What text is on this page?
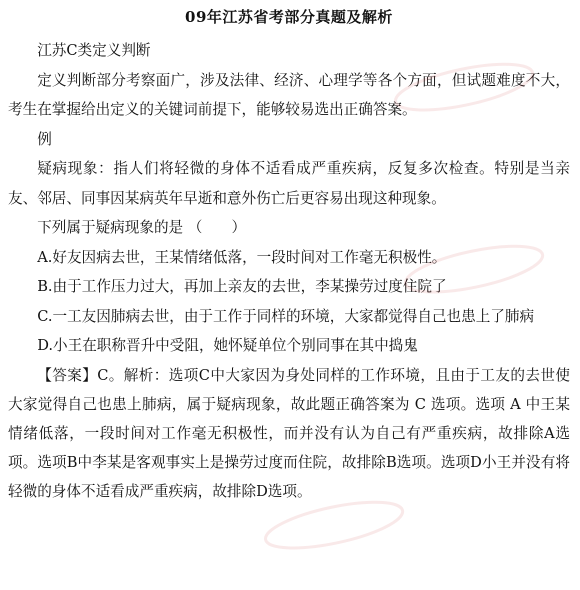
09年江苏省考部分真题及解析

江苏C类定义判断

定义判断部分考察面广，涉及法律、经济、心理学等各个方面，但试题难度不大，考生在掌握给出定义的关键词前提下，能够较易选出正确答案。

例

疑病现象：指人们将轻微的身体不适看成严重疾病，反复多次检查。特别是当亲友、邻居、同事因某病英年早逝和意外伤亡后更容易出现这种现象。

下列属于疑病现象的是 （　　）

A.好友因病去世，王某情绪低落，一段时间对工作毫无积极性。

B.由于工作压力过大，再加上亲友的去世，李某操劳过度住院了

C.一工友因肺病去世，由于工作于同样的环境，大家都觉得自己也患上了肺病

D.小王在职称晋升中受阻，她怀疑单位个别同事在其中捣鬼

【答案】C。解析：选项C中大家因为身处同样的工作环境，且由于工友的去世使大家觉得自己也患上肺病，属于疑病现象，故此题正确答案为 C 选项。选项 A 中王某情绪低落，一段时间对工作毫无积极性，而并没有认为自己有严重疾病，故排除A选项。选项B中李某是客观事实上是操劳过度而住院，故排除B选项。选项D小王并没有将轻微的身体不适看成严重疾病，故排除D选项。
